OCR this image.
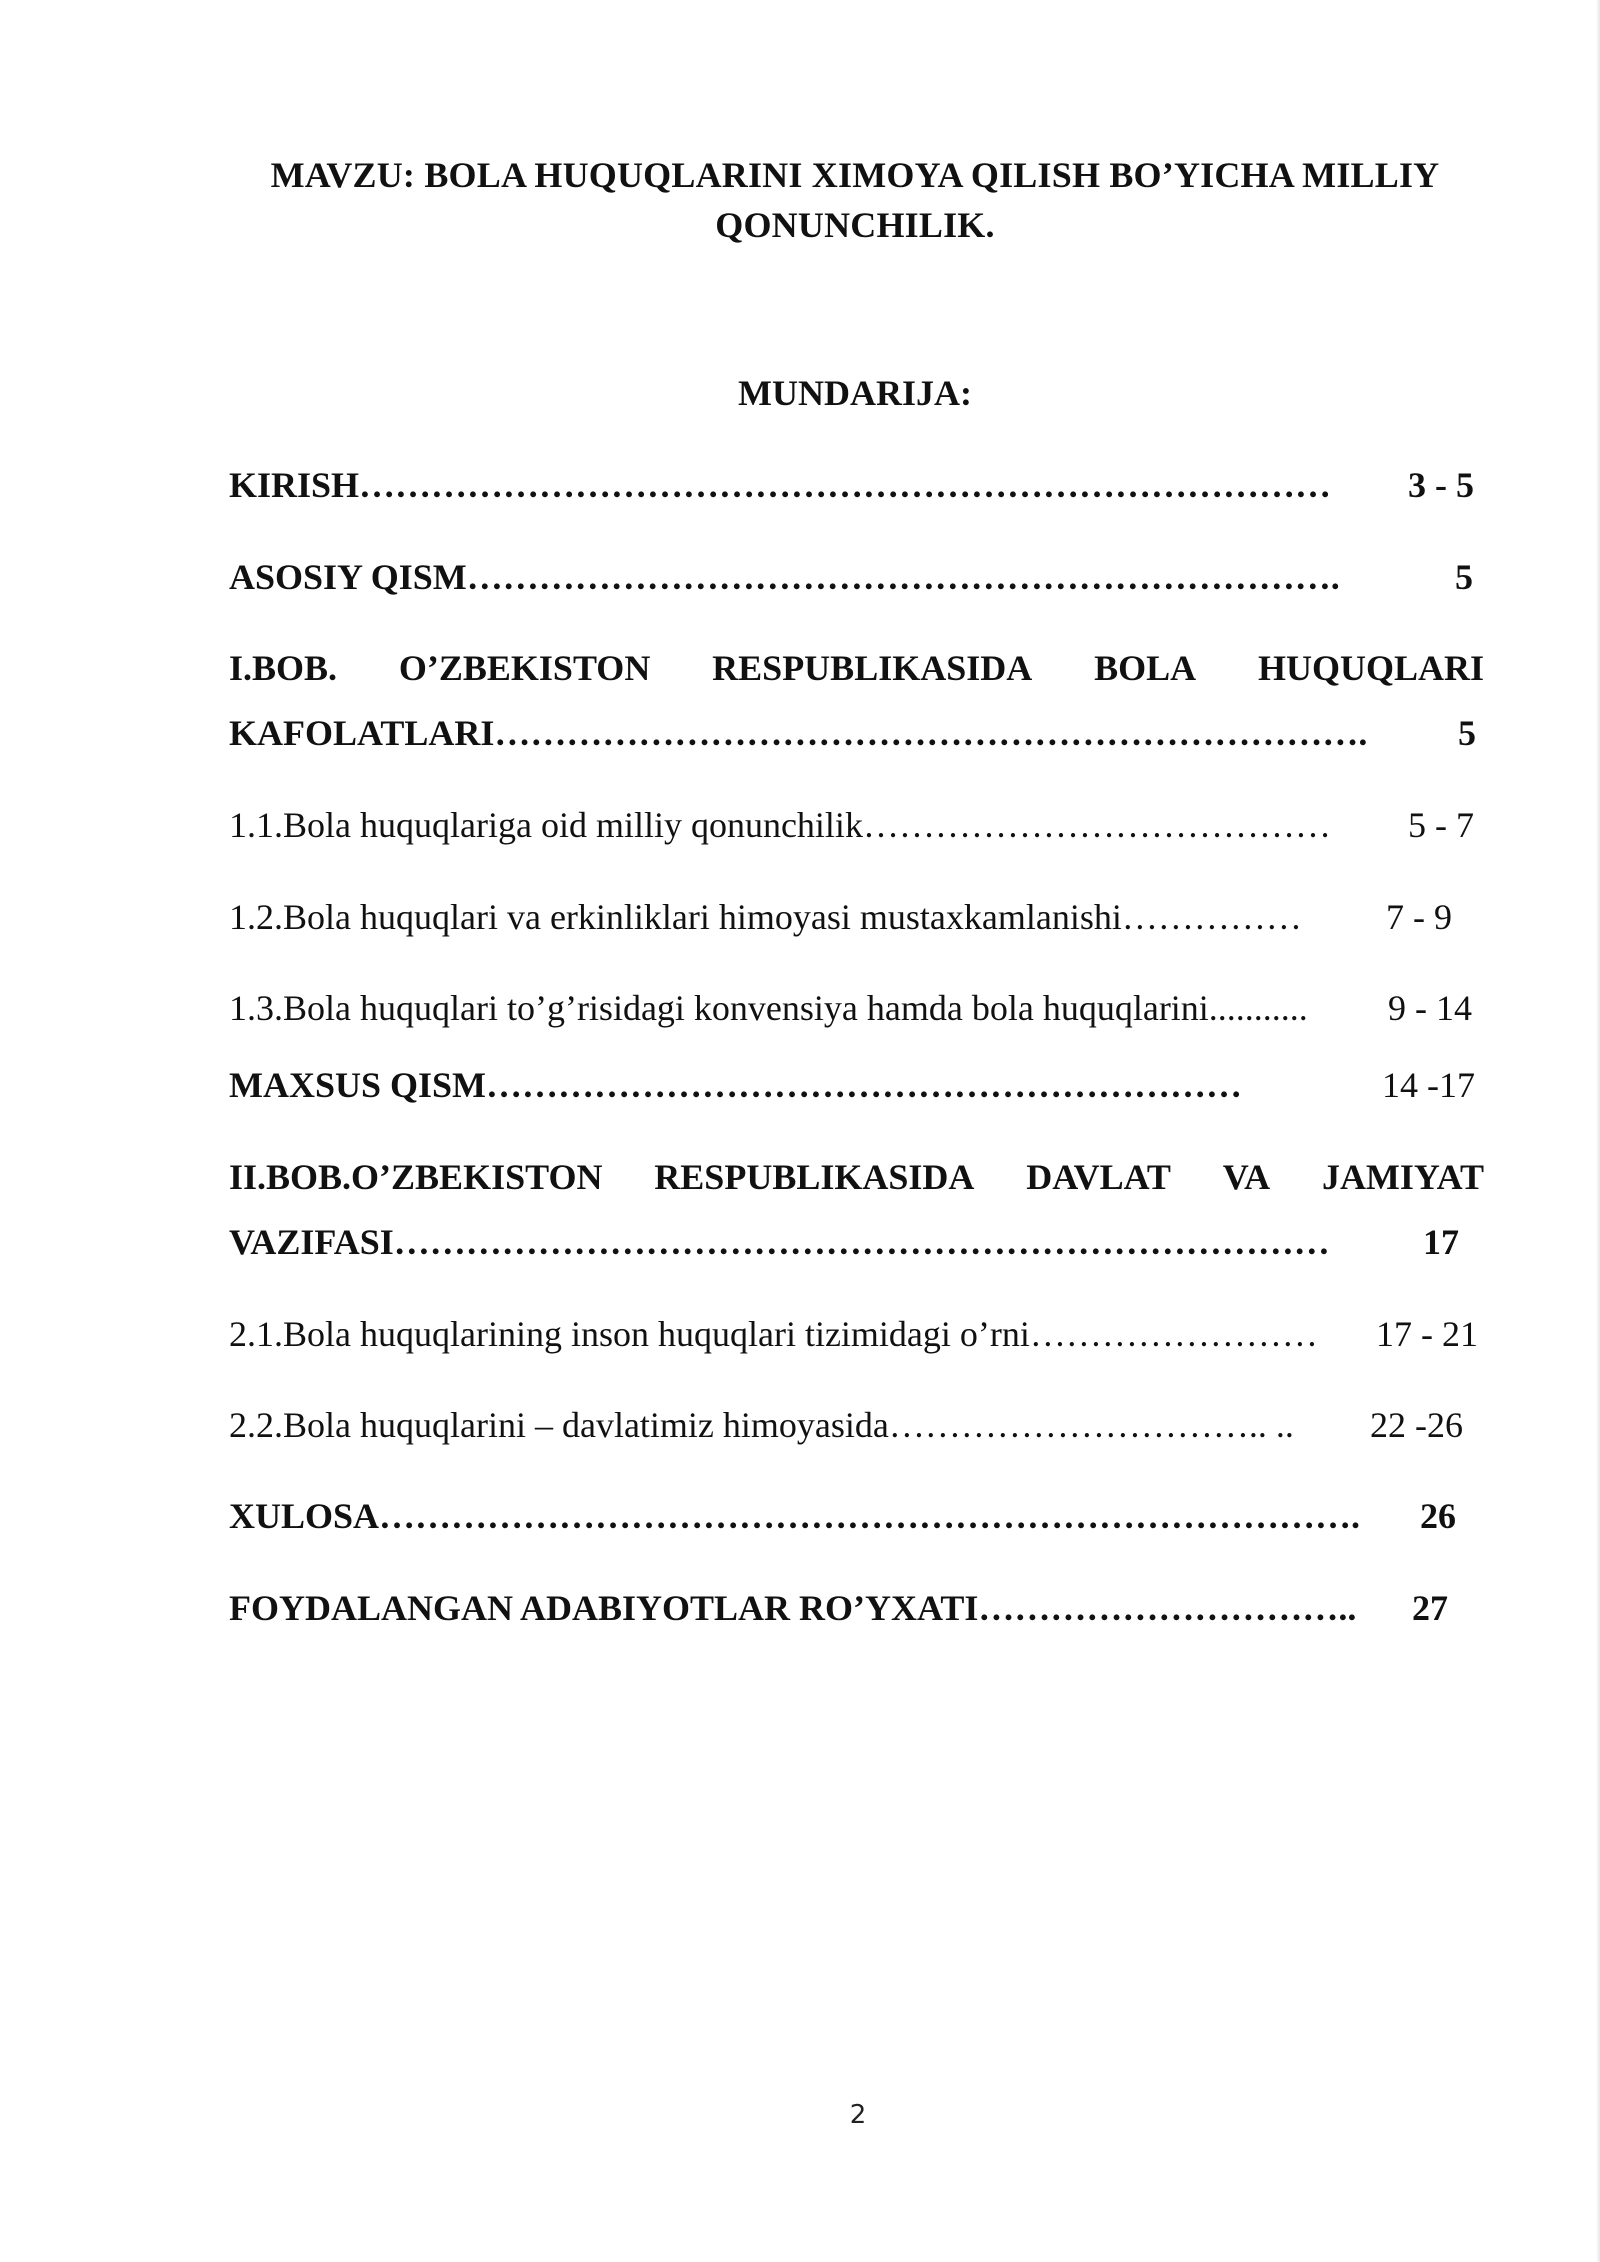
MAVZU: BOLA HUQUQLARINI XIMOYA QILISH BO’YICHA MILLIY
QONUNCHILIK.
MUNDARIJA:
KIRISH……………………………………………………………………… 3 - 5
ASOSIY QISM……………………………………………………………….	5
I.BOB. O’ZBEKISTON RESPUBLIKASIDA BOLA HUQUQLARI
KAFOLATLARI……………………………………………………………….	5
1.1.Bola huquqlariga oid milliy qonunchilik………………………………… 5 - 7
1.2.Bola huquqlari va erkinliklari himoyasi mustaxkamlanishi…………… 7 - 9
1.3.Bola huquqlari to’g’risidagi konvensiya hamda bola huquqlarini........... 9 - 14
MAXSUS QISM………………………………………………………	14 -17
II.BOB.O’ZBEKISTON RESPUBLIKASIDA DAVLAT VA JAMIYAT
VAZIFASI……………………………………………………………………	17
2.1.Bola huquqlarining inson huquqlari tizimidagi o’rni…………………… 17 - 21
2.2.Bola huquqlarini – davlatimiz himoyasida………………………….. .. 22 -26
XULOSA………………………………………………………………………. 26
FOYDALANGAN ADABIYOTLAR RO’YXATI………………………….. 27
2
